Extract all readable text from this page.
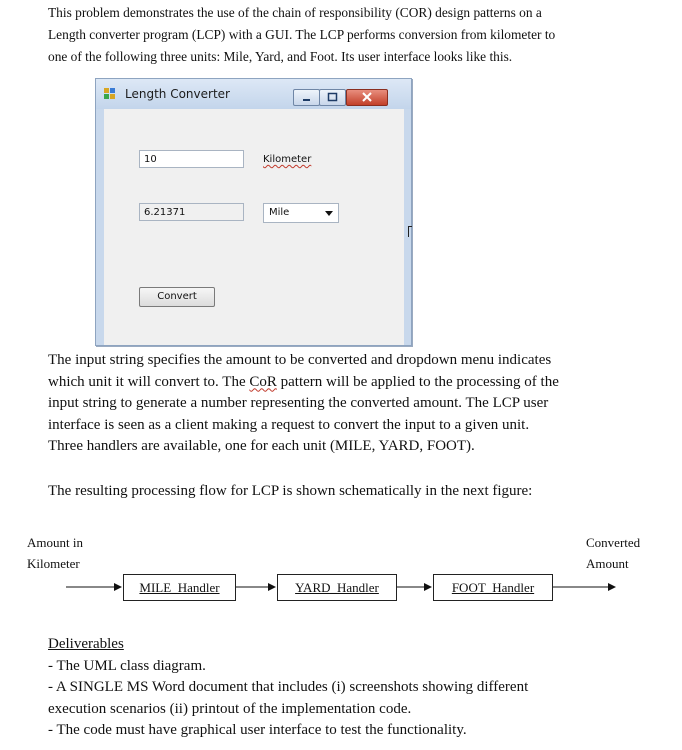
This problem demonstrates the use of the chain of responsibility (COR) design patterns on a
Length converter program (LCP) with a GUI. The LCP performs conversion from kilometer to
one of the following three units: Mile, Yard, and Foot. Its user interface looks like this.
Length Converter
10	Kilometer
6.21371	Mile
Convert
The input string specifies the amount to be converted and dropdown menu indicates
which unit it will convert to. The CoR pattern will be applied to the processing of the
input string to generate a number representing the converted amount. The LCP user
interface is seen as a client making a request to convert the input to a given unit.
Three handlers are available, one for each unit (MILE, YARD, FOOT).
The resulting processing flow for LCP is shown schematically in the next figure:
Amount in
Kilometer
Converted
Amount
MILE_Handler	YARD_Handler	FOOT_Handler
Deliverables
- The UML class diagram.
- A SINGLE MS Word document that includes (i) screenshots showing different
execution scenarios (ii) printout of the implementation code.
- The code must have graphical user interface to test the functionality.
